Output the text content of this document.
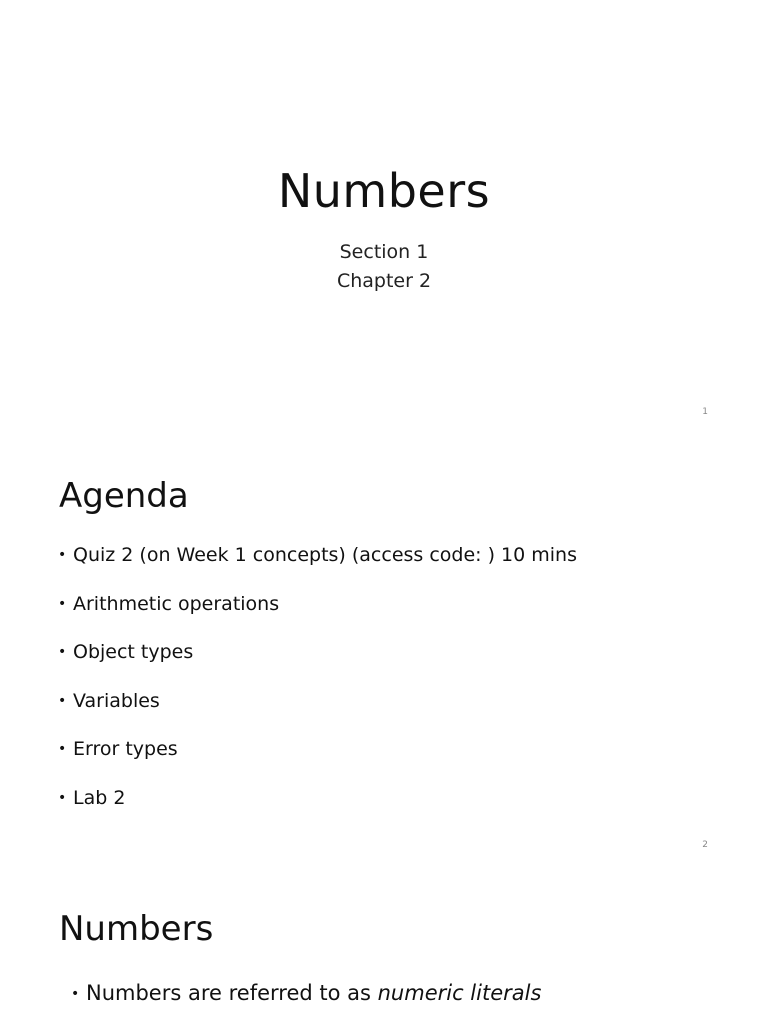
Numbers
Section 1
Chapter 2
1
Agenda
• Quiz 2 (on Week 1 concepts) (access code: ) 10 mins
• Arithmetic operations
• Object types
• Variables
• Error types
• Lab 2
2
Numbers
• Numbers are referred to as numeric literals
